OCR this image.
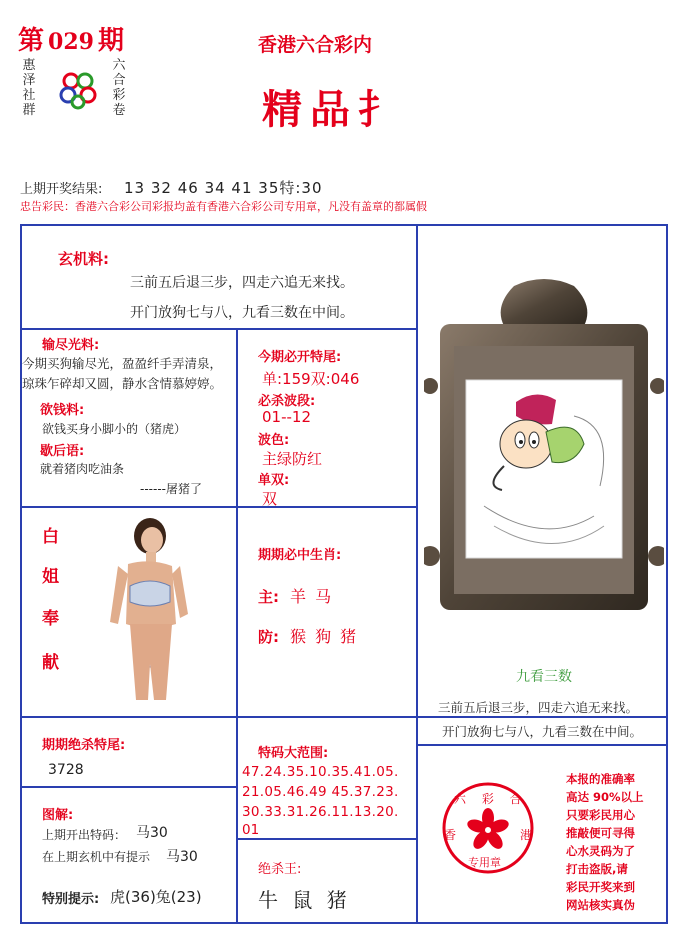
第 029 期
惠
泽
社
群
六
合
彩
卷
香港六合彩内
精品扌
上期开奖结果: 13 32 46 34 41 35特:30
忠告彩民：香港六合彩公司彩报均盖有香港六合彩公司专用章，凡没有盖章的都属假
玄机料:
三前五后退三步，四走六追无来找。
开门放狗七与八，九看三数在中间。
输尽光料:
今期买狗输尽光，盈盈纤手弄清泉，
琼珠乍碎却又圆，静水含情慕婷婷。
欲钱料:
欲钱买身小脚小的（猪虎）
歇后语:
就着猪肉吃油条
------屠猪了
今期必开特尾:
单:159双:046
必杀波段:
01--12
波色:
主绿防红
单双:
双
白
姐
奉
献
期期必中生肖:
主: 羊 马
防: 猴 狗 猪
九看三数
三前五后退三步，四走六追无来找。
开门放狗七与八，九看三数在中间。
期期绝杀特尾:
3728
特码大范围:
47.24.35.10.35.41.05.
21.05.46.49 45.37.23.
30.33.31.26.11.13.20.
01
图解:
上期开出特码： 马30
在上期玄机中有提示 马30
特别提示: 虎(36)兔(23)
绝杀王:
牛 鼠 猪
六 彩 合
香	港
专用章
本报的准确率
高达 90%以上
只要彩民用心
推敲便可寻得
心水灵码为了
打击盗版,请
彩民开奖来到
网站核实真伪
